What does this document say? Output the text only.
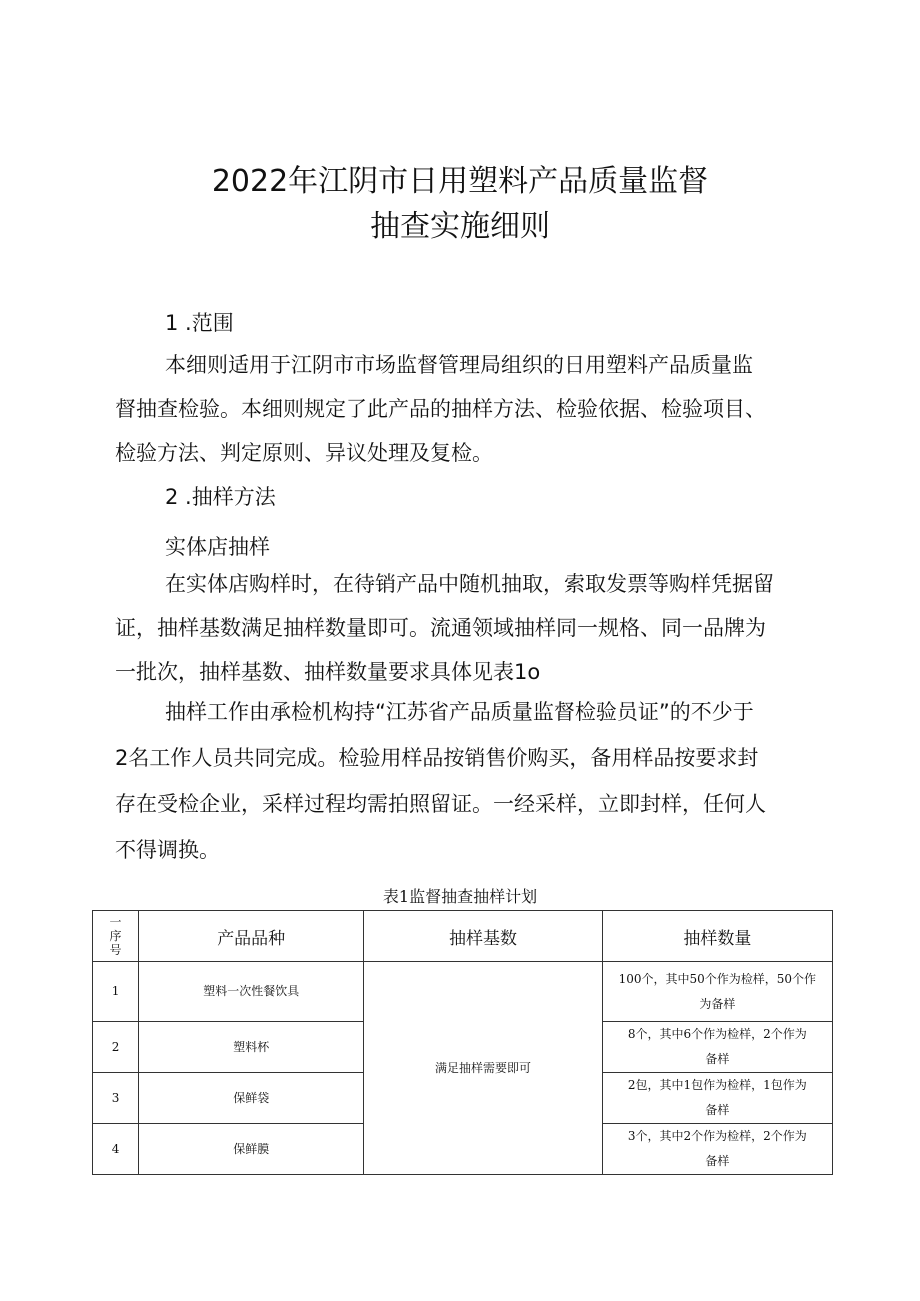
2022年江阴市日用塑料产品质量监督
抽查实施细则
1 .范围
本细则适用于江阴市市场监督管理局组织的日用塑料产品质量监
督抽查检验。本细则规定了此产品的抽样方法、检验依据、检验项目、
检验方法、判定原则、异议处理及复检。
2 .抽样方法
实体店抽样
在实体店购样时，在待销产品中随机抽取，索取发票等购样凭据留
证，抽样基数满足抽样数量即可。流通领域抽样同一规格、同一品牌为
一批次，抽样基数、抽样数量要求具体见表1o
抽样工作由承检机构持“江苏省产品质量监督检验员证”的不少于
2名工作人员共同完成。检验用样品按销售价购买，备用样品按要求封
存在受检企业，采样过程均需拍照留证。一经采样，立即封样，任何人
不得调换。
表1监督抽查抽样计划
一
序
号	产品品种	抽样基数	抽样数量
1	塑料一次性餐饮具	满足抽样需要即可	100个，其中50个作为检样，50个作
为备样

2	塑料杯		8个，其中6个作为检样，2个作为
备样

3	保鲜袋		2包，其中1包作为检样，1包作为
备样

4	保鲜膜		3个，其中2个作为检样，2个作为
备样
